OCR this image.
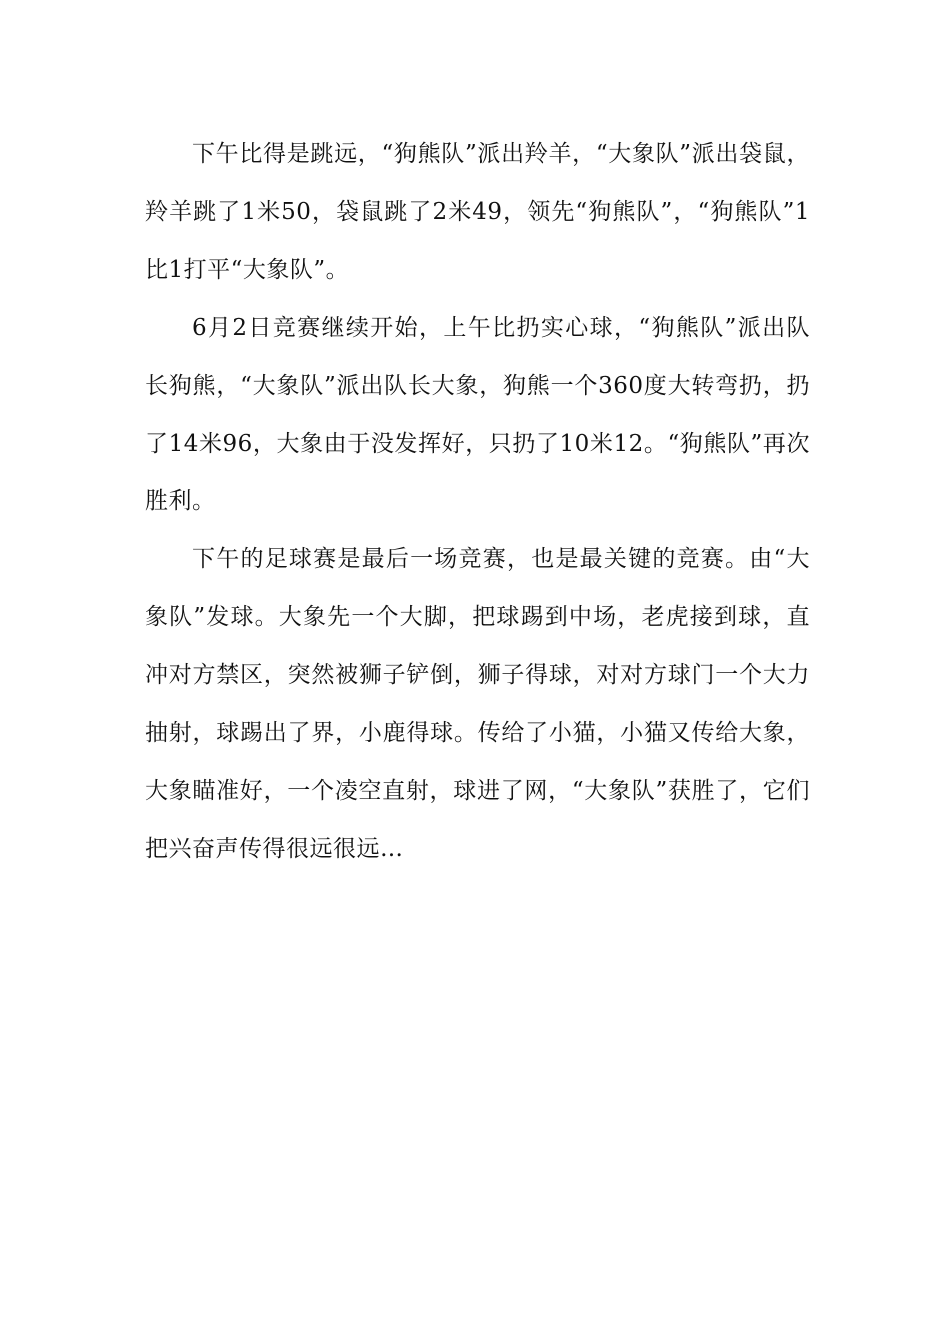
下午比得是跳远，“狗熊队”派出羚羊，“大象队”派出袋鼠，羚羊跳了1米50，袋鼠跳了2米49，领先“狗熊队”，“狗熊队”1比1打平“大象队”。

6月2日竞赛继续开始，上午比扔实心球，“狗熊队”派出队长狗熊，“大象队”派出队长大象，狗熊一个360度大转弯扔，扔了14米96，大象由于没发挥好，只扔了10米12。“狗熊队”再次胜利。

下午的足球赛是最后一场竞赛，也是最关键的竞赛。由“大象队”发球。大象先一个大脚，把球踢到中场，老虎接到球，直冲对方禁区，突然被狮子铲倒，狮子得球，对对方球门一个大力抽射，球踢出了界，小鹿得球。传给了小猫，小猫又传给大象，大象瞄准好，一个凌空直射，球进了网，“大象队”获胜了，它们把兴奋声传得很远很远…
